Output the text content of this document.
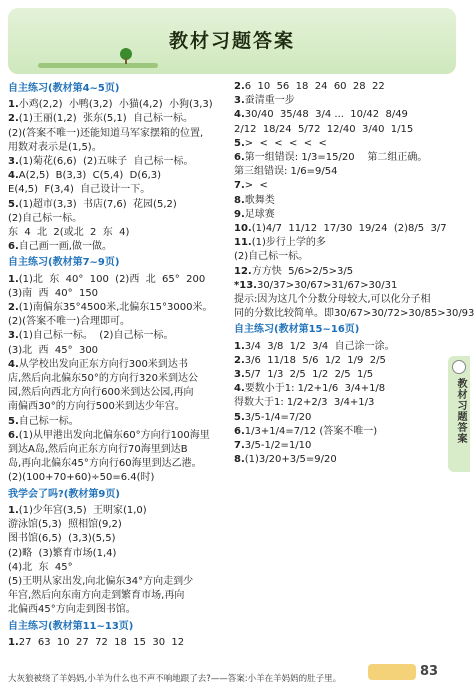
教材习题答案
自主练习(教材第4~5页)
1.小鸡(2,2)  小鸭(3,2)  小猫(4,2)  小狗(3,3)
2.(1)王丽(1,2)  张东(5,1)  自己标一标。
(2)(答案不唯一)还能知道马军家摆箱的位置,
用数对表示是(1,5)。
3.(1)菊花(6,6)  (2)五味子  自己标一标。
4.A(2,5)  B(3,3)  C(5,4)  D(6,3)
E(4,5)  F(3,4)  自己设计一下。
5.(1)超市(3,3)  书店(7,6)  花园(5,2)
(2)自己标一标。
东  4  北  2(或北  2  东  4)
6.自己画一画,做一做。
自主练习(教材第7~9页)
1.(1)北  东  40°  100  (2)西  北  65°  200
(3)南  西  40°  150
2.(1)南偏东35°4500米,北偏东15°3000米。
(2)(答案不唯一)合理即可。
3.(1)自己标一标。  (2)自己标一标。
(3)北  西  45°  300
4.从学校出发向正东方向行300米到达书
店,然后向北偏东50°的方向行320米到达公
园,然后向西北方向行600米到达公园,再向
南偏西30°的方向行500米到达少年宫。
5.自己标一标。
6.(1)从甲港出发向北偏东60°方向行100海里
到达A岛,然后向正东方向行70海里到达B
岛,再向北偏东45°方向行60海里到达乙港。
(2)(100+70+60)÷50=6.4(时)
我学会了吗?(教材第9页)
1.(1)少年宫(3,5)  王明家(1,0)
游泳馆(5,3)  照相馆(9,2)
图书馆(6,5)  (3,3)(5,5)
(2)略  (3)繁育市场(1,4)
(4)北  东  45°
(5)王明从家出发,向北偏东34°方向走到少
年宫,然后向东南方向走到繁育市场,再向
北偏西45°方向走到图书馆。
自主练习(教材第11~13页)
1.27  63  10  27  72  18  15  30  12
2.6  10  56  18  24  60  28  22
3.蚕清重一步
4.30/40  35/48  3/4 ...  10/42  8/49
2/12  18/24  5/72  12/40  3/40  1/15
5.>  <  <  <  <  <
6.第一组错误: 1/3=15/20    第二组正确。
第三组错误: 1/6=9/54
7.>  <
8.歌舞类
9.足球赛
10.(1)4/7  11/12  17/30  19/24  (2)8/5  3/7
11.(1)步行上学的多
(2)自己标一标。
12.方方快  5/6>2/5>3/5
*13.30/37>30/67>31/67>30/31
提示:因为这几个分数分母较大,可以化分子相
同的分数比较简单。即30/67>30/72>30/85>30/93
自主练习(教材第15~16页)
1.3/4  3/8  1/2  3/4  自己涂一涂。
2.3/6  11/18  5/6  1/2  1/9  2/5
3.5/7  1/3  2/5  1/2  2/5  1/5
4.要数小于1: 1/2+1/6  3/4+1/8
得数大于1: 1/2+2/3  3/4+1/3
5.3/5-1/4=7/20
6.1/3+1/4=7/12 (答案不唯一)
7.3/5-1/2=1/10
8.(1)3/20+3/5=9/20
教材习题答案
83
大灰狼被绕了羊妈妈,小羊为什么也不声不响地跟了去?——答案:小羊在羊妈妈的肚子里。
